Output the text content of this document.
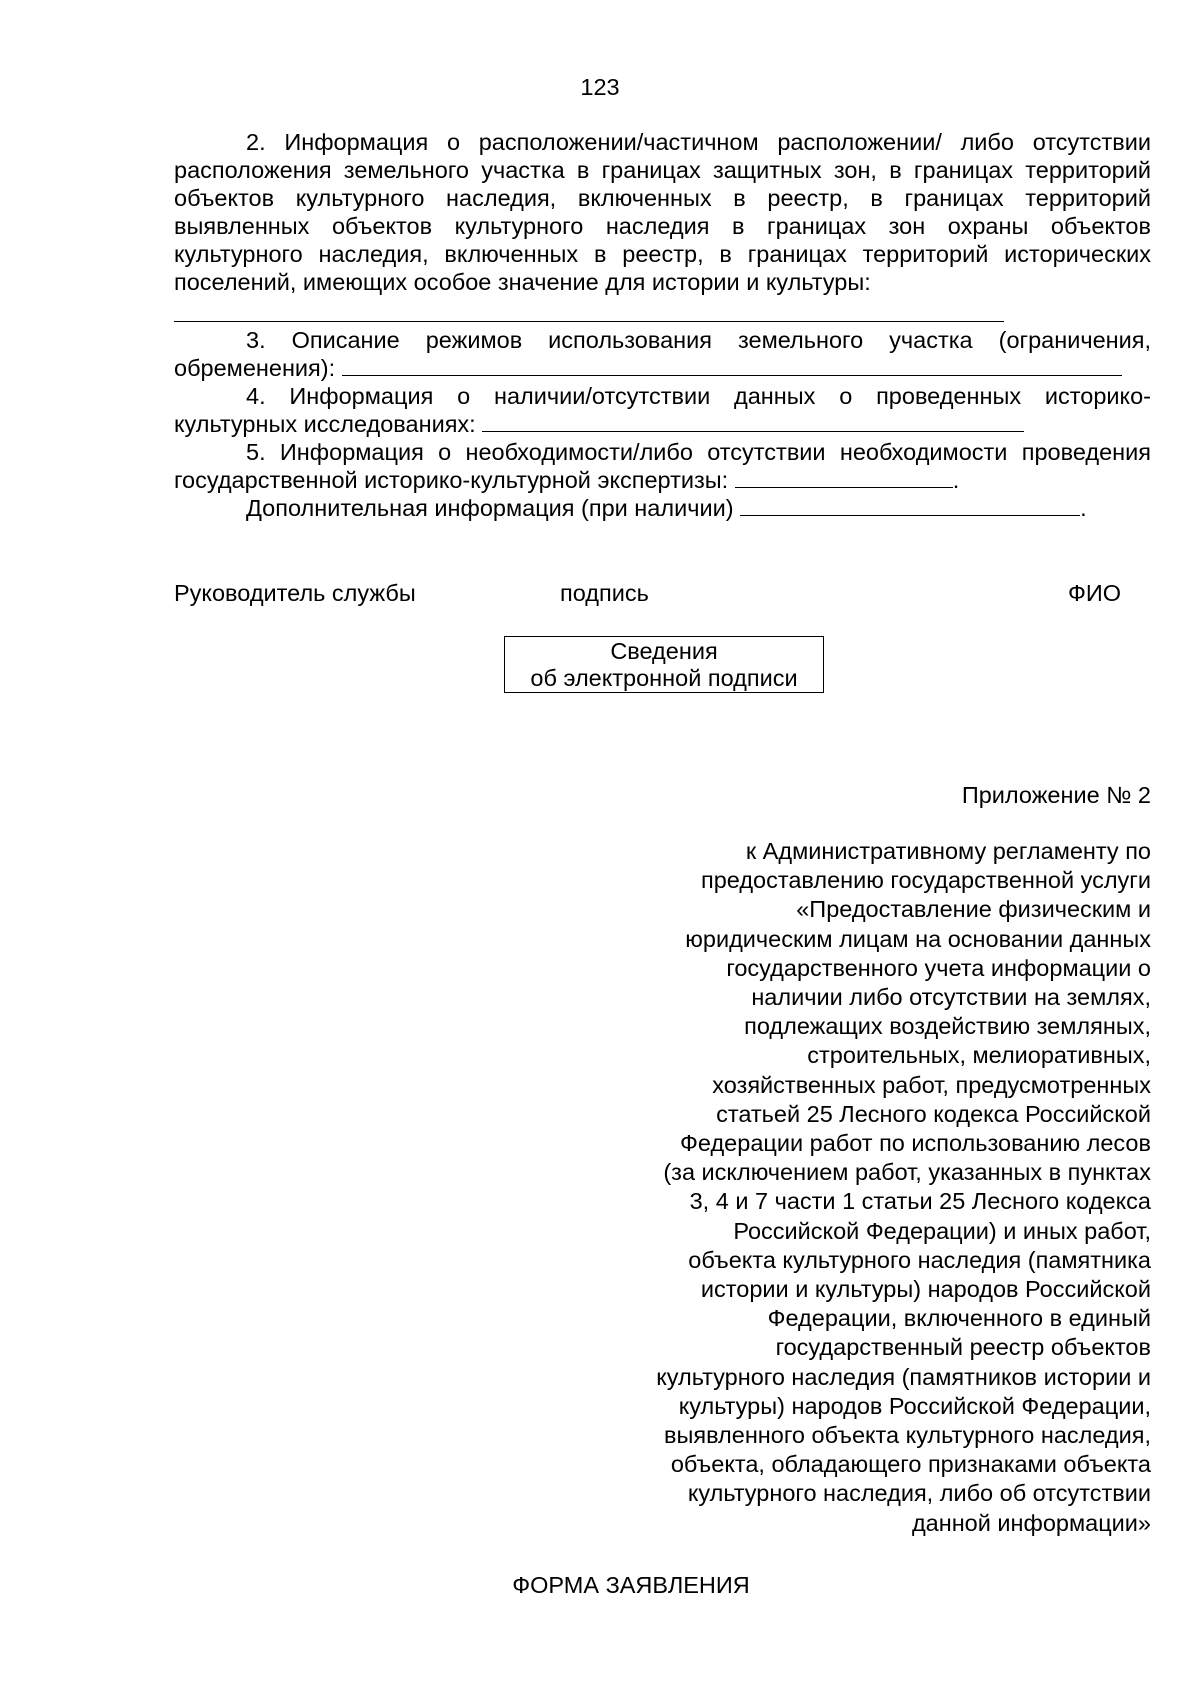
123

2. Информация о расположении/частичном расположении/ либо отсутствии расположения земельного участка в границах защитных зон, в границах территорий объектов культурного наследия, включенных в реестр, в границах территорий выявленных объектов культурного наследия в границах зон охраны объектов культурного наследия, включенных в реестр, в границах территорий исторических поселений, имеющих особое значение для истории и культуры:

3. Описание режимов использования земельного участка (ограничения,

обременения):

4. Информация о наличии/отсутствии данных о проведенных историко-

культурных исследованиях:

5. Информация о необходимости/либо отсутствии необходимости проведения государственной историко-культурной экспертизы:	.

Дополнительная информация (при наличии)	.

Руководитель службы	подпись	ФИО
Сведения
об электронной подписи
Приложение № 2
к Административному регламенту по
предоставлению государственной услуги
«Предоставление физическим и
юридическим лицам на основании данных
государственного учета информации о
наличии либо отсутствии на землях,
подлежащих воздействию земляных,
строительных, мелиоративных,
хозяйственных работ, предусмотренных
статьей 25 Лесного кодекса Российской
Федерации работ по использованию лесов
(за исключением работ, указанных в пунктах
3, 4 и 7 части 1 статьи 25 Лесного кодекса
Российской Федерации) и иных работ,
объекта культурного наследия (памятника
истории и культуры) народов Российской
Федерации, включенного в единый
государственный реестр объектов
культурного наследия (памятников истории и
культуры) народов Российской Федерации,
выявленного объекта культурного наследия,
объекта, обладающего признаками объекта
культурного наследия, либо об отсутствии
данной информации»
ФОРМА ЗАЯВЛЕНИЯ
